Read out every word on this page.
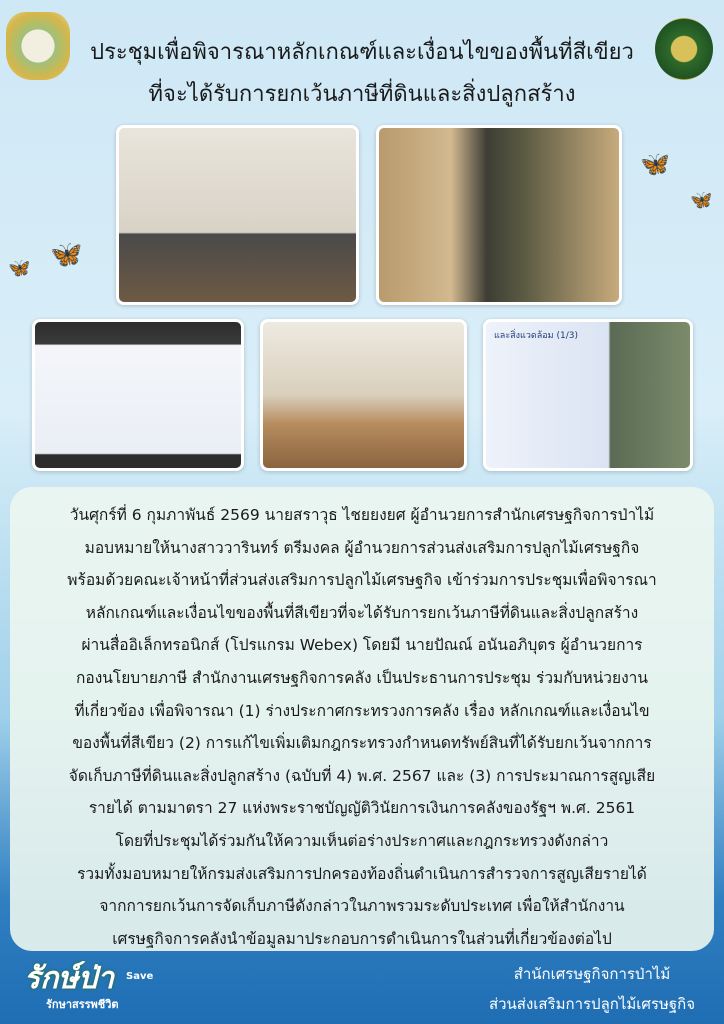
ประชุมเพื่อพิจารณาหลักเกณฑ์และเงื่อนไขของพื้นที่สีเขียว
ที่จะได้รับการยกเว้นภาษีที่ดินและสิ่งปลูกสร้าง
🦋 🦋
🦋
🦋
และสิ่งแวดล้อม (1/3)
วันศุกร์ที่ 6 กุมภาพันธ์ 2569 นายสราวุธ ไชยยงยศ ผู้อำนวยการสำนักเศรษฐกิจการป่าไม้
มอบหมายให้นางสาววารินทร์ ตรีมงคล ผู้อำนวยการส่วนส่งเสริมการปลูกไม้เศรษฐกิจ
พร้อมด้วยคณะเจ้าหน้าที่ส่วนส่งเสริมการปลูกไม้เศรษฐกิจ เข้าร่วมการประชุมเพื่อพิจารณา
หลักเกณฑ์และเงื่อนไขของพื้นที่สีเขียวที่จะได้รับการยกเว้นภาษีที่ดินและสิ่งปลูกสร้าง
ผ่านสื่ออิเล็กทรอนิกส์ (โปรแกรม Webex) โดยมี นายปัณณ์ อนันอภิบุตร ผู้อำนวยการ
กองนโยบายภาษี สำนักงานเศรษฐกิจการคลัง เป็นประธานการประชุม ร่วมกับหน่วยงาน
ที่เกี่ยวข้อง เพื่อพิจารณา (1) ร่างประกาศกระทรวงการคลัง เรื่อง หลักเกณฑ์และเงื่อนไข
ของพื้นที่สีเขียว (2) การแก้ไขเพิ่มเติมกฎกระทรวงกำหนดทรัพย์สินที่ได้รับยกเว้นจากการ
จัดเก็บภาษีที่ดินและสิ่งปลูกสร้าง (ฉบับที่ 4) พ.ศ. 2567 และ (3) การประมาณการสูญเสีย
รายได้ ตามมาตรา 27 แห่งพระราชบัญญัติวินัยการเงินการคลังของรัฐฯ พ.ศ. 2561
โดยที่ประชุมได้ร่วมกันให้ความเห็นต่อร่างประกาศและกฎกระทรวงดังกล่าว
รวมทั้งมอบหมายให้กรมส่งเสริมการปกครองท้องถิ่นดำเนินการสำรวจการสูญเสียรายได้
จากการยกเว้นการจัดเก็บภาษีดังกล่าวในภาพรวมระดับประเทศ เพื่อให้สำนักงาน
เศรษฐกิจการคลังนำข้อมูลมาประกอบการดำเนินการในส่วนที่เกี่ยวข้องต่อไป
รักษ์ป่า Save
รักษาสรรพชีวิต
สำนักเศรษฐกิจการป่าไม้
ส่วนส่งเสริมการปลูกไม้เศรษฐกิจ
